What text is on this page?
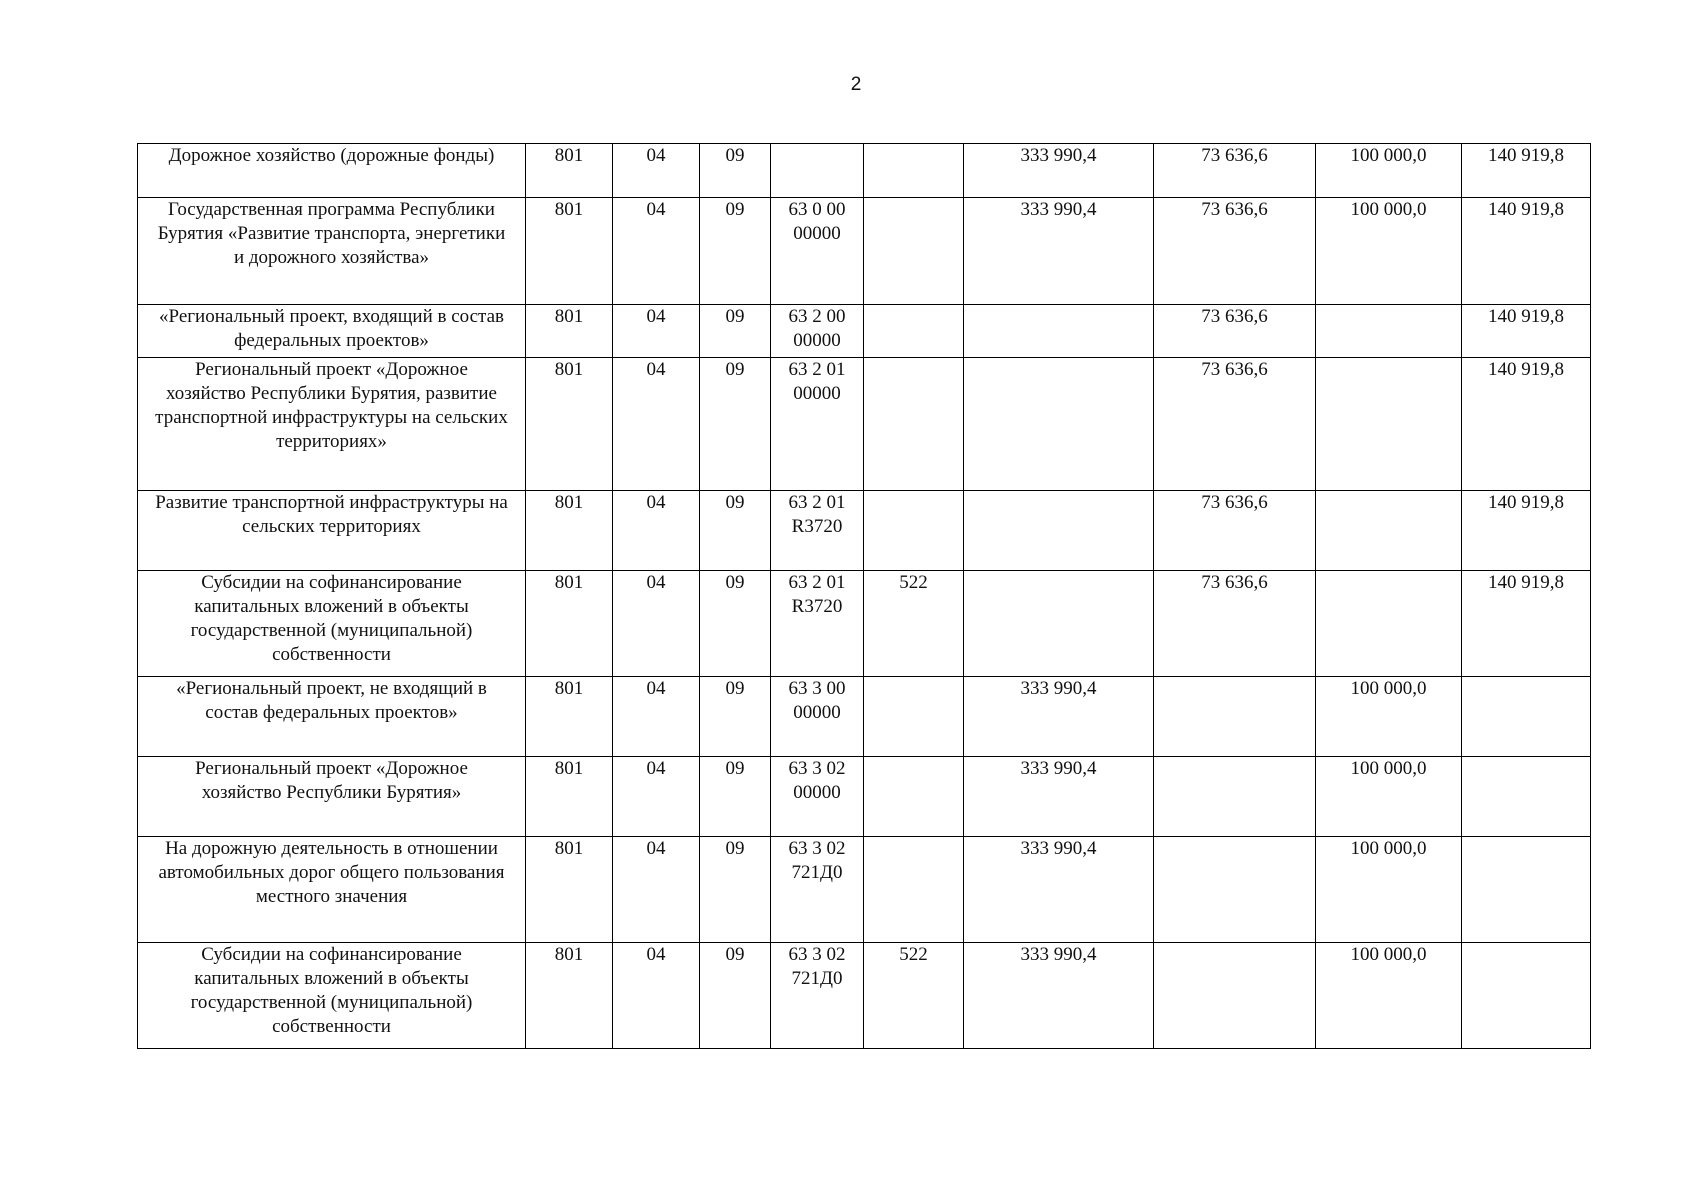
2
Дорожное хозяйство (дорожные фонды)	801	04	09			333 990,4	73 636,6	100 000,0	140 919,8
Государственная программа Республики Бурятия «Развитие транспорта, энергетики и дорожного хозяйства»	801	04	09	63 0 00 00000		333 990,4	73 636,6	100 000,0	140 919,8
«Региональный проект, входящий в состав федеральных проектов»	801	04	09	63 2 00 00000			73 636,6		140 919,8
Региональный проект «Дорожное хозяйство Республики Бурятия, развитие транспортной инфраструктуры на сельских территориях»	801	04	09	63 2 01 00000			73 636,6		140 919,8
Развитие транспортной инфраструктуры на сельских территориях	801	04	09	63 2 01 R3720			73 636,6		140 919,8
Субсидии на софинансирование капитальных вложений в объекты государственной (муниципальной) собственности	801	04	09	63 2 01 R3720	522		73 636,6		140 919,8
«Региональный проект, не входящий в состав федеральных проектов»	801	04	09	63 3 00 00000		333 990,4		100 000,0	
Региональный проект «Дорожное хозяйство Республики Бурятия»	801	04	09	63 3 02 00000		333 990,4		100 000,0	
На дорожную деятельность в отношении автомобильных дорог общего пользования местного значения	801	04	09	63 3 02 721Д0		333 990,4		100 000,0	
Субсидии на софинансирование капитальных вложений в объекты государственной (муниципальной) собственности	801	04	09	63 3 02 721Д0	522	333 990,4		100 000,0	
